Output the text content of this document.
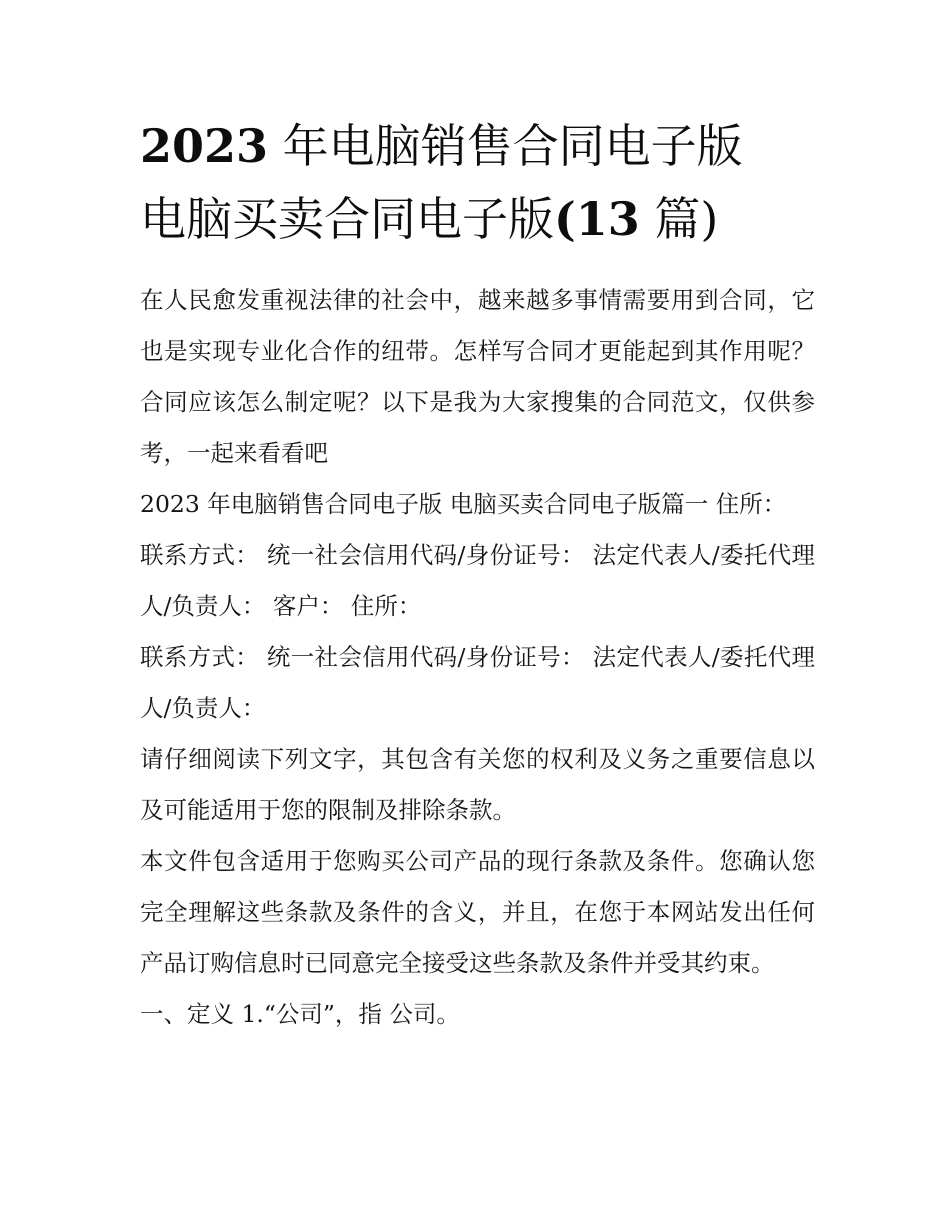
2023 年电脑销售合同电子版
电脑买卖合同电子版(13 篇)

在人民愈发重视法律的社会中，越来越多事情需要用到合同，它也是实现专业化合作的纽带。怎样写合同才更能起到其作用呢？合同应该怎么制定呢？以下是我为大家搜集的合同范文，仅供参考，一起来看看吧

2023 年电脑销售合同电子版 电脑买卖合同电子版篇一 住所：

联系方式： 统一社会信用代码/身份证号： 法定代表人/委托代理人/负责人： 客户： 住所：

联系方式： 统一社会信用代码/身份证号： 法定代表人/委托代理人/负责人：

请仔细阅读下列文字，其包含有关您的权利及义务之重要信息以及可能适用于您的限制及排除条款。

本文件包含适用于您购买公司产品的现行条款及条件。您确认您完全理解这些条款及条件的含义，并且，在您于本网站发出任何产品订购信息时已同意完全接受这些条款及条件并受其约束。

一、定义 1.“公司”，指 公司。
